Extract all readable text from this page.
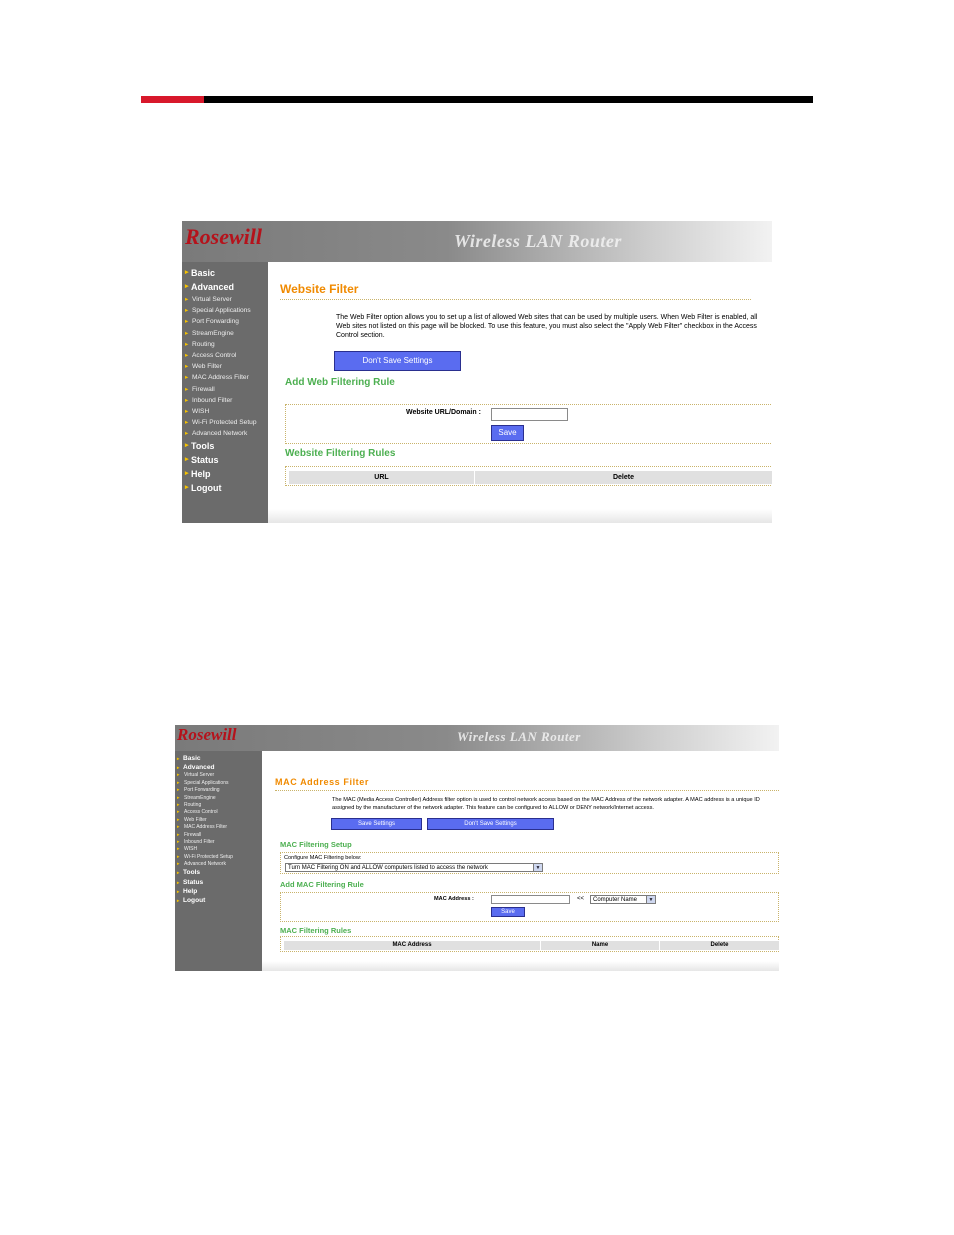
Rosewill	Wireless LAN Router
▸ Basic
▸ Advanced
▸ Virtual Server
▸ Special Applications
▸ Port Forwarding
▸ StreamEngine
▸ Routing
▸ Access Control
▸ Web Filter
▸ MAC Address Filter
▸ Firewall
▸ Inbound Filter
▸ WISH
▸ Wi-Fi Protected Setup
▸ Advanced Network
▸ Tools
▸ Status
▸ Help
▸ Logout
Website Filter
The Web Filter option allows you to set up a list of allowed Web sites that can be used by multiple users. When Web Filter is enabled, all Web sites not listed on this page will be blocked. To use this feature, you must also select the "Apply Web Filter" checkbox in the Access Control section.
Don't Save Settings
Add Web Filtering Rule
Website URL/Domain :
Save
Website Filtering Rules
URL	Delete
Rosewill	Wireless LAN Router
▸ Basic
▸ Advanced
▸ Virtual Server
▸ Special Applications
▸ Port Forwarding
▸ StreamEngine
▸ Routing
▸ Access Control
▸ Web Filter
▸ MAC Address Filter
▸ Firewall
▸ Inbound Filter
▸ WISH
▸ Wi-Fi Protected Setup
▸ Advanced Network
▸ Tools
▸ Status
▸ Help
▸ Logout
MAC Address Filter
The MAC (Media Access Controller) Address filter option is used to control network access based on the MAC Address of the network adapter. A MAC address is a unique ID assigned by the manufacturer of the network adapter. This feature can be configured to ALLOW or DENY network/Internet access.
Save Settings	Don't Save Settings
MAC Filtering Setup
Configure MAC Filtering below:
Turn MAC Filtering ON and ALLOW computers listed to access the network	▼
Add MAC Filtering Rule
MAC Address :	<<	Computer Name	▼
Save
MAC Filtering Rules
MAC Address	Name	Delete
